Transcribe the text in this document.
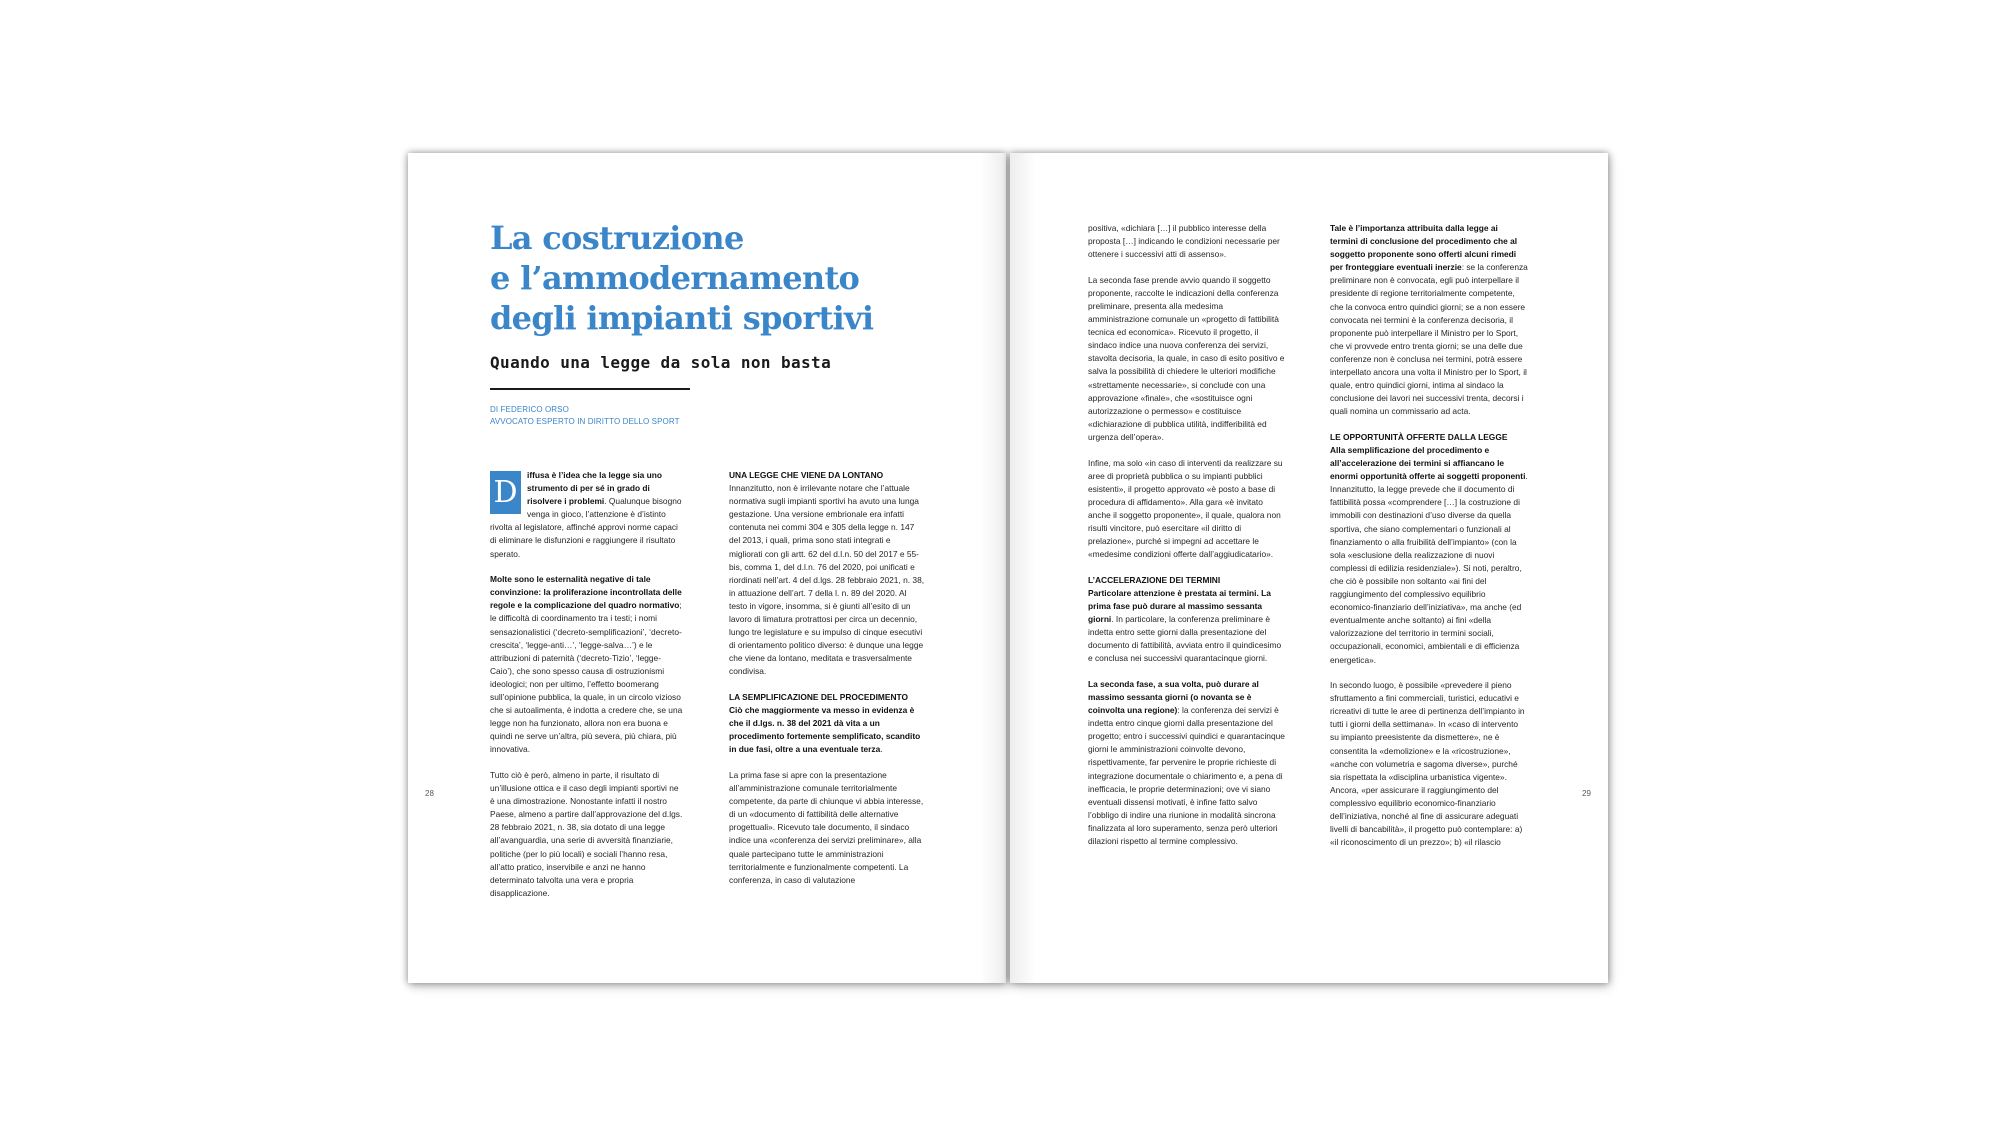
La costruzione
e l’ammodernamento
degli impianti sportivi
Quando una legge da sola non basta
DI FEDERICO ORSO
AVVOCATO ESPERTO IN DIRITTO DELLO SPORT

D	iffusa è l’idea che la legge sia uno strumento di per sé in grado di risolvere i problemi. Qualunque bisogno venga in gioco, l’attenzione è d’istinto rivolta al legislatore, affinché approvi norme capaci di eliminare le disfunzioni e raggiungere il risultato sperato.

Molte sono le esternalità negative di tale convinzione: la proliferazione incontrollata delle regole e la complicazione del quadro normativo; le difficoltà di coordinamento tra i testi; i nomi sensazionalistici (‘decreto-semplificazioni’, ‘decreto-crescita’, ‘legge-anti…’, ‘legge-salva…’) e le attribuzioni di paternità (‘decreto-Tizio’, ‘legge-Caio’), che sono spesso causa di ostruzionismi ideologici; non per ultimo, l’effetto boomerang sull’opinione pubblica, la quale, in un circolo vizioso che si autoalimenta, è indotta a credere che, se una legge non ha funzionato, allora non era buona e quindi ne serve un’altra, più severa, più chiara, più innovativa.

Tutto ciò è però, almeno in parte, il risultato di un’illusione ottica e il caso degli impianti sportivi ne è una dimostrazione. Nonostante infatti il nostro Paese, almeno a partire dall’approvazione del d.lgs. 28 febbraio 2021, n. 38, sia dotato di una legge all’avanguardia, una serie di avversità finanziarie, politiche (per lo più locali) e sociali l’hanno resa, all’atto pratico, inservibile e anzi ne hanno determinato talvolta una vera e propria disapplicazione.

UNA LEGGE CHE VIENE DA LONTANO

Innanzitutto, non è irrilevante notare che l’attuale normativa sugli impianti sportivi ha avuto una lunga gestazione. Una versione embrionale era infatti contenuta nei commi 304 e 305 della legge n. 147 del 2013, i quali, prima sono stati integrati e migliorati con gli artt. 62 del d.l.n. 50 del 2017 e 55-bis, comma 1, del d.l.n. 76 del 2020, poi unificati e riordinati nell’art. 4 del d.lgs. 28 febbraio 2021, n. 38, in attuazione dell’art. 7 della l. n. 89 del 2020. Al testo in vigore, insomma, si è giunti all’esito di un lavoro di limatura protrattosi per circa un decennio, lungo tre legislature e su impulso di cinque esecutivi di orientamento politico diverso: è dunque una legge che viene da lontano, meditata e trasversalmente condivisa.

LA SEMPLIFICAZIONE DEL PROCEDIMENTO

Ciò che maggiormente va messo in evidenza è che il d.lgs. n. 38 del 2021 dà vita a un procedimento fortemente semplificato, scandito in due fasi, oltre a una eventuale terza.

La prima fase si apre con la presentazione all’amministrazione comunale territorialmente competente, da parte di chiunque vi abbia interesse, di un «documento di fattibilità delle alternative progettuali». Ricevuto tale documento, il sindaco indice una «conferenza dei servizi preliminare», alla quale partecipano tutte le amministrazioni territorialmente e funzionalmente competenti. La conferenza, in caso di valutazione

28

positiva, «dichiara […] il pubblico interesse della proposta […] indicando le condizioni necessarie per ottenere i successivi atti di assenso».

La seconda fase prende avvio quando il soggetto proponente, raccolte le indicazioni della conferenza preliminare, presenta alla medesima amministrazione comunale un «progetto di fattibilità tecnica ed economica». Ricevuto il progetto, il sindaco indice una nuova conferenza dei servizi, stavolta decisoria, la quale, in caso di esito positivo e salva la possibilità di chiedere le ulteriori modifiche «strettamente necessarie», si conclude con una approvazione «finale», che «sostituisce ogni autorizzazione o permesso» e costituisce «dichiarazione di pubblica utilità, indifferibilità ed urgenza dell’opera».

Infine, ma solo «in caso di interventi da realizzare su aree di proprietà pubblica o su impianti pubblici esistenti», il progetto approvato «è posto a base di procedura di affidamento». Alla gara «è invitato anche il soggetto proponente», il quale, qualora non risulti vincitore, può esercitare «il diritto di prelazione», purché si impegni ad accettare le «medesime condizioni offerte dall’aggiudicatario».

L’ACCELERAZIONE DEI TERMINI

Particolare attenzione è prestata ai termini. La prima fase può durare al massimo sessanta giorni. In particolare, la conferenza preliminare è indetta entro sette giorni dalla presentazione del documento di fattibilità, avviata entro il quindicesimo e conclusa nei successivi quarantacinque giorni.

La seconda fase, a sua volta, può durare al massimo sessanta giorni (o novanta se è coinvolta una regione): la conferenza dei servizi è indetta entro cinque giorni dalla presentazione del progetto; entro i successivi quindici e quarantacinque giorni le amministrazioni coinvolte devono, rispettivamente, far pervenire le proprie richieste di integrazione documentale o chiarimento e, a pena di inefficacia, le proprie determinazioni; ove vi siano eventuali dissensi motivati, è infine fatto salvo l’obbligo di indire una riunione in modalità sincrona finalizzata al loro superamento, senza però ulteriori dilazioni rispetto al termine complessivo.

Tale è l’importanza attribuita dalla legge ai termini di conclusione del procedimento che al soggetto proponente sono offerti alcuni rimedi per fronteggiare eventuali inerzie: se la conferenza preliminare non è convocata, egli può interpellare il presidente di regione territorialmente competente, che la convoca entro quindici giorni; se a non essere convocata nei termini è la conferenza decisoria, il proponente può interpellare il Ministro per lo Sport, che vi provvede entro trenta giorni; se una delle due conferenze non è conclusa nei termini, potrà essere interpellato ancora una volta il Ministro per lo Sport, il quale, entro quindici giorni, intima al sindaco la conclusione dei lavori nei successivi trenta, decorsi i quali nomina un commissario ad acta.

LE OPPORTUNITÀ OFFERTE DALLA LEGGE

Alla semplificazione del procedimento e all’accelerazione dei termini si affiancano le enormi opportunità offerte ai soggetti proponenti. Innanzitutto, la legge prevede che il documento di fattibilità possa «comprendere […] la costruzione di immobili con destinazioni d’uso diverse da quella sportiva, che siano complementari o funzionali al finanziamento o alla fruibilità dell’impianto» (con la sola «esclusione della realizzazione di nuovi complessi di edilizia residenziale»). Si noti, peraltro, che ciò è possibile non soltanto «ai fini del raggiungimento del complessivo equilibrio economico-finanziario dell’iniziativa», ma anche (ed eventualmente anche soltanto) ai fini «della valorizzazione del territorio in termini sociali, occupazionali, economici, ambientali e di efficienza energetica».

In secondo luogo, è possibile «prevedere il pieno sfruttamento a fini commerciali, turistici, educativi e ricreativi di tutte le aree di pertinenza dell’impianto in tutti i giorni della settimana». In «caso di intervento su impianto preesistente da dismettere», ne è consentita la «demolizione» e la «ricostruzione», «anche con volumetria e sagoma diverse», purché sia rispettata la «disciplina urbanistica vigente». Ancora, «per assicurare il raggiungimento del complessivo equilibrio economico-finanziario dell’iniziativa, nonché al fine di assicurare adeguati livelli di bancabilità», il progetto può contemplare: a) «il riconoscimento di un prezzo»; b) «il rilascio

29
